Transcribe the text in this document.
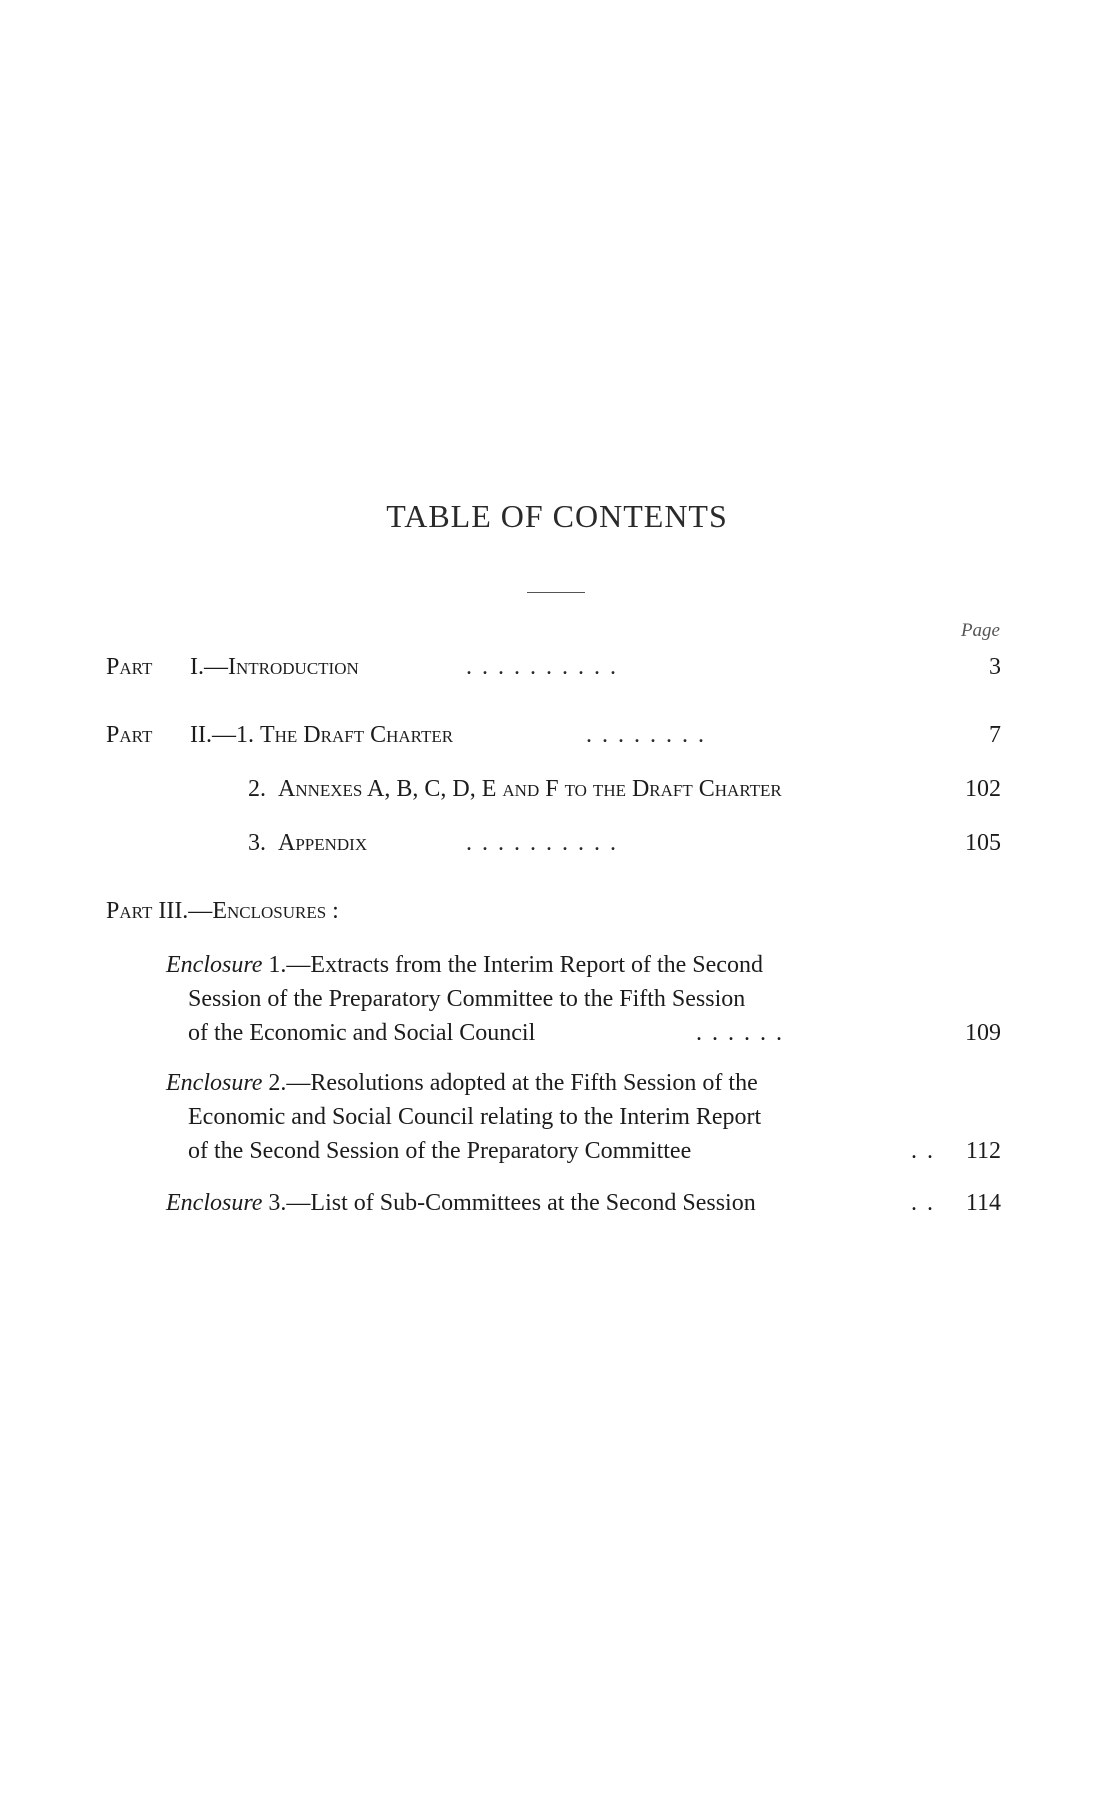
TABLE OF CONTENTS
Page
Part I.—Introduction	. . . . . . . . . .	3
Part II.—1. The Draft Charter	. . . . . . . .	7
2. Annexes A, B, C, D, E and F to the Draft Charter	102
3. Appendix	. . . . . . . . . .	105
Part III.—Enclosures :
Enclosure 1.—Extracts from the Interim Report of the Second
Session of the Preparatory Committee to the Fifth Session
of the Economic and Social Council	. . . . . .	109
Enclosure 2.—Resolutions adopted at the Fifth Session of the
Economic and Social Council relating to the Interim Report
of the Second Session of the Preparatory Committee	. . 112
Enclosure 3.—List of Sub-Committees at the Second Session	. . 114
